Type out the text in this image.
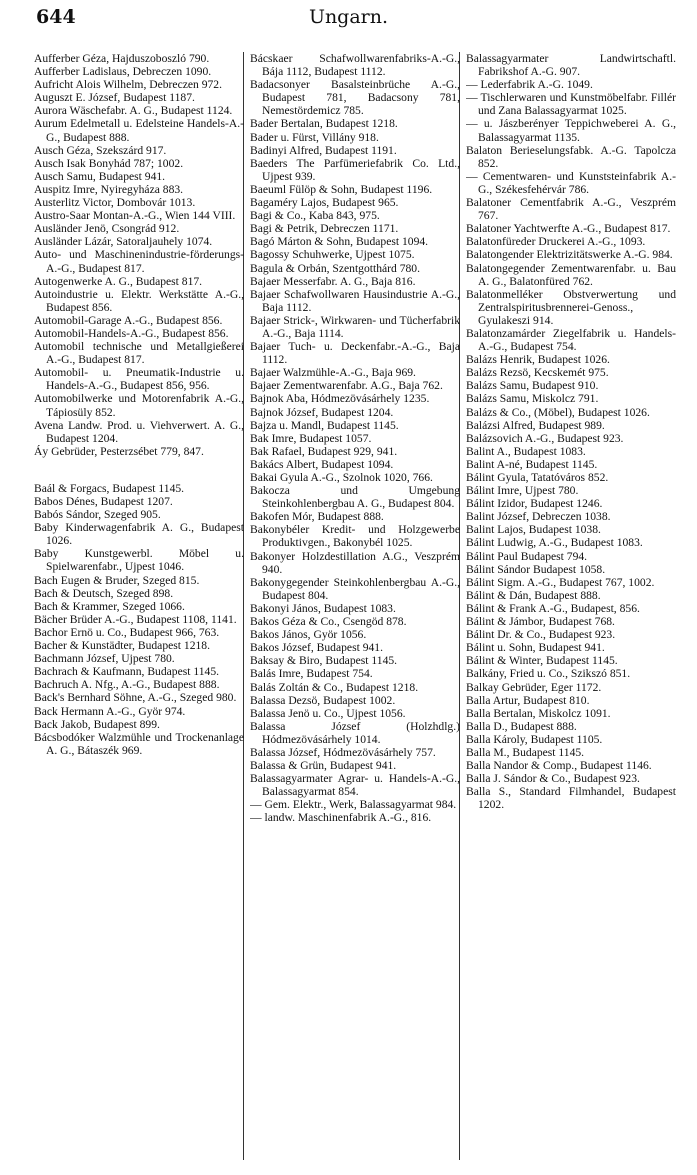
644	Ungarn.

Aufferber Géza, Hajduszoboszló 790.

Aufferber Ladislaus, Debreczen 1090.

Aufricht Alois Wilhelm, Debreczen 972.

Auguszt E. József, Budapest 1187.

Aurora Wäschefabr. A. G., Budapest 1124.

Aurum Edelmetall u. Edelsteine Handels-A.-G., Budapest 888.

Ausch Géza, Szekszárd 917.

Ausch Isak Bonyhád 787; 1002.

Ausch Samu, Budapest 941.

Auspitz Imre, Nyiregyháza 883.

Austerlitz Victor, Dombovár 1013.

Austro-Saar Montan-A.-G., Wien 144 VIII.

Ausländer Jenö, Csongrád 912.

Ausländer Lázár, Satoraljauhely 1074.

Auto- und Maschinenindustrie-förderungs-A.-G., Budapest 817.

Autogenwerke A. G., Budapest 817.

Autoindustrie u. Elektr. Werkstätte A.-G., Budapest 856.

Automobil-Garage A.-G., Budapest 856.

Automobil-Handels-A.-G., Budapest 856.

Automobil technische und Metallgießerei A.-G., Budapest 817.

Automobil- u. Pneumatik-Industrie u. Handels-A.-G., Budapest 856, 956.

Automobilwerke und Motorenfabrik A.-G., Tápiosüly 852.

Avena Landw. Prod. u. Viehverwert. A. G., Budapest 1204.

Áy Gebrüder, Pesterzsébet 779, 847.

Baál & Forgacs, Budapest 1145.

Babos Dénes, Budapest 1207.

Babós Sándor, Szeged 905.

Baby Kinderwagenfabrik A. G., Budapest 1026.

Baby Kunstgewerbl. Möbel u. Spielwarenfabr., Ujpest 1046.

Bach Eugen & Bruder, Szeged 815.

Bach & Deutsch, Szeged 898.

Bach & Krammer, Szeged 1066.

Bächer Brüder A.-G., Budapest 1108, 1141.

Bachor Ernö u. Co., Budapest 966, 763.

Bacher & Kunstädter, Budapest 1218.

Bachmann József, Ujpest 780.

Bachrach & Kaufmann, Budapest 1145.

Bachruch A. Nfg., A.-G., Budapest 888.

Back's Bernhard Söhne, A.-G., Szeged 980.

Back Hermann A.-G., Györ 974.

Back Jakob, Budapest 899.

Bácsbodóker Walzmühle und Trockenanlage A. G., Bátaszék 969.

Bácskaer Schafwollwarenfabriks-A.-G., Bája 1112, Budapest 1112.

Badacsonyer Basalsteinbrüche A.-G., Budapest 781, Badacsony 781, Nemestördemicz 785.

Bader Bertalan, Budapest 1218.

Bader u. Fürst, Villány 918.

Badinyi Alfred, Budapest 1191.

Baeders The Parfümeriefabrik Co. Ltd., Ujpest 939.

Baeuml Fülöp & Sohn, Budapest 1196.

Bagaméry Lajos, Budapest 965.

Bagi & Co., Kaba 843, 975.

Bagi & Petrik, Debreczen 1171.

Bagó Márton & Sohn, Budapest 1094.

Bagossy Schuhwerke, Ujpest 1075.

Bagula & Orbán, Szentgotthárd 780.

Bajaer Messerfabr. A. G., Baja 816.

Bajaer Schafwollwaren Hausindustrie A.-G., Baja 1112.

Bajaer Strick-, Wirkwaren- und Tücherfabrik A.-G., Baja 1114.

Bajaer Tuch- u. Deckenfabr.-A.-G., Baja 1112.

Bajaer Walzmühle-A.-G., Baja 969.

Bajaer Zementwarenfabr. A.G., Baja 762.

Bajnok Aba, Hódmezövásárhely 1235.

Bajnok József, Budapest 1204.

Bajza u. Mandl, Budapest 1145.

Bak Imre, Budapest 1057.

Bak Rafael, Budapest 929, 941.

Bakács Albert, Budapest 1094.

Bakai Gyula A.-G., Szolnok 1020, 766.

Bakocza und Umgebung Steinkohlenbergbau A. G., Budapest 804.

Bakofen Mór, Budapest 888.

Bakonybéler Kredit- und Holzgewerbe Produktivgen., Bakonybél 1025.

Bakonyer Holzdestillation A.G., Veszprém 940.

Bakonygegender Steinkohlenbergbau A.-G., Budapest 804.

Bakonyi János, Budapest 1083.

Bakos Géza & Co., Csengöd 878.

Bakos János, Györ 1056.

Bakos József, Budapest 941.

Baksay & Biro, Budapest 1145.

Balás Imre, Budapest 754.

Balás Zoltán & Co., Budapest 1218.

Balassa Dezsö, Budapest 1002.

Balassa Jenö u. Co., Ujpest 1056.

Balassa József (Holzhdlg.) Hódmezövásárhely 1014.

Balassa József, Hódmezövásárhely 757.

Balassa & Grün, Budapest 941.

Balassagyarmater Agrar- u. Handels-A.-G., Balassagyarmat 854.

— Gem. Elektr., Werk, Balassagyarmat 984.

— landw. Maschinenfabrik A.-G., 816.

Balassagyarmater Landwirtschaftl. Fabrikshof A.-G. 907.

— Lederfabrik A.-G. 1049.

— Tischlerwaren und Kunstmöbelfabr. Fillér und Zana Balassagyarmat 1025.

— u. Jászberényer Teppichweberei A. G., Balassagyarmat 1135.

Balaton Berieselungsfabk. A.-G. Tapolcza 852.

— Cementwaren- und Kunststeinfabrik A.-G., Székesfehérvár 786.

Balatoner Cementfabrik A.-G., Veszprém 767.

Balatoner Yachtwerfte A.-G., Budapest 817.

Balatonfüreder Druckerei A.-G., 1093.

Balatongender Elektrizitätswerke A.-G. 984.

Balatongegender Zementwarenfabr. u. Bau A. G., Balatonfüred 762.

Balatonmelléker Obstverwertung und Zentralspiritusbrennerei-Genoss., Gyulakeszi 914.

Balatonzamárder Ziegelfabrik u. Handels-A.-G., Budapest 754.

Balázs Henrik, Budapest 1026.

Balázs Rezsö, Kecskemét 975.

Balázs Samu, Budapest 910.

Balázs Samu, Miskolcz 791.

Balázs & Co., (Möbel), Budapest 1026.

Balázsi Alfred, Budapest 989.

Balázsovich A.-G., Budapest 923.

Balint A., Budapest 1083.

Balint A-né, Budapest 1145.

Bálint Gyula, Tatatóváros 852.

Bálint Imre, Ujpest 780.

Bálint Izidor, Budapest 1246.

Balint József, Debreczen 1038.

Balint Lajos, Budapest 1038.

Bálint Ludwig, A.-G., Budapest 1083.

Bálint Paul Budapest 794.

Bálint Sándor Budapest 1058.

Bálint Sigm. A.-G., Budapest 767, 1002.

Bálint & Dán, Budapest 888.

Bálint & Frank A.-G., Budapest, 856.

Bálint & Jámbor, Budapest 768.

Bálint Dr. & Co., Budapest 923.

Bálint u. Sohn, Budapest 941.

Bálint & Winter, Budapest 1145.

Balkány, Fried u. Co., Szikszó 851.

Balkay Gebrüder, Eger 1172.

Balla Artur, Budapest 810.

Balla Bertalan, Miskolcz 1091.

Balla D., Budapest 888.

Balla Károly, Budapest 1105.

Balla M., Budapest 1145.

Balla Nandor & Comp., Budapest 1146.

Balla J. Sándor & Co., Budapest 923.

Balla S., Standard Filmhandel, Budapest 1202.
